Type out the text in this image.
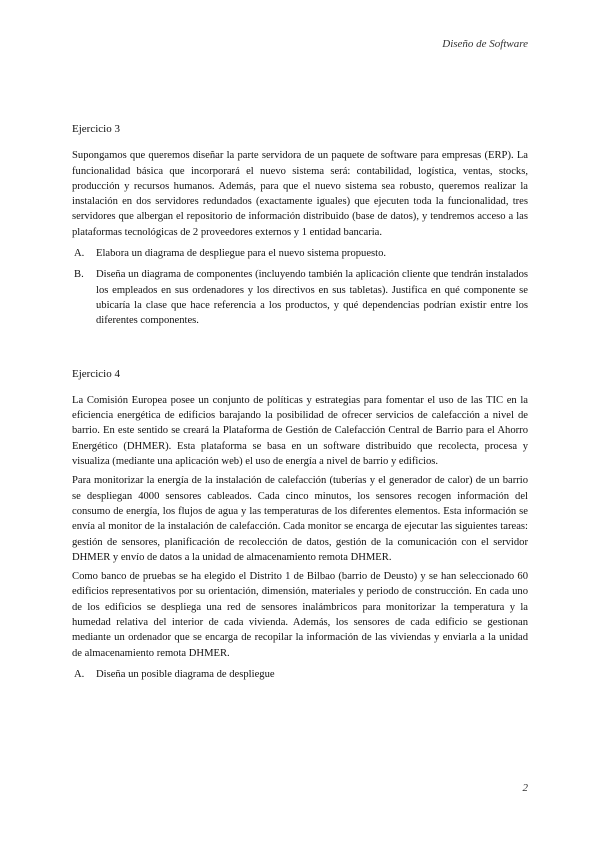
Diseño de Software
Ejercicio 3

Supongamos que queremos diseñar la parte servidora de un paquete de software para empresas (ERP). La funcionalidad básica que incorporará el nuevo sistema será: contabilidad, logística, ventas, stocks, producción y recursos humanos. Además, para que el nuevo sistema sea robusto, queremos realizar la instalación en dos servidores redundados (exactamente iguales) que ejecuten toda la funcionalidad, tres servidores que albergan el repositorio de información distribuido (base de datos), y tendremos acceso a las plataformas tecnológicas de 2 proveedores externos y 1 entidad bancaria.

A.	Elabora un diagrama de despliegue para el nuevo sistema propuesto.
B.	Diseña un diagrama de componentes (incluyendo también la aplicación cliente que tendrán instalados los empleados en sus ordenadores y los directivos en sus tabletas). Justifica en qué componente se ubicaría la clase que hace referencia a los productos, y qué dependencias podrían existir entre los diferentes componentes.
Ejercicio 4

La Comisión Europea posee un conjunto de políticas y estrategias para fomentar el uso de las TIC en la eficiencia energética de edificios barajando la posibilidad de ofrecer servicios de calefacción a nivel de barrio. En este sentido se creará la Plataforma de Gestión de Calefacción Central de Barrio para el Ahorro Energético (DHMER). Esta plataforma se basa en un software distribuido que recolecta, procesa y visualiza (mediante una aplicación web) el uso de energía a nivel de barrio y edificios.

Para monitorizar la energía de la instalación de calefacción (tuberías y el generador de calor) de un barrio se despliegan 4000 sensores cableados. Cada cinco minutos, los sensores recogen información del consumo de energía, los flujos de agua y las temperaturas de los diferentes elementos. Esta información se envía al monitor de la instalación de calefacción. Cada monitor se encarga de ejecutar las siguientes tareas: gestión de sensores, planificación de recolección de datos, gestión de la comunicación con el servidor DHMER y envío de datos a la unidad de almacenamiento remota DHMER.

Como banco de pruebas se ha elegido el Distrito 1 de Bilbao (barrio de Deusto) y se han seleccionado 60 edificios representativos por su orientación, dimensión, materiales y periodo de construcción. En cada uno de los edificios se despliega una red de sensores inalámbricos para monitorizar la temperatura y la humedad relativa del interior de cada vivienda. Además, los sensores de cada edificio se gestionan mediante un ordenador que se encarga de recopilar la información de las viviendas y enviarla a la unidad de almacenamiento remota DHMER.

A.	Diseña un posible diagrama de despliegue
2
